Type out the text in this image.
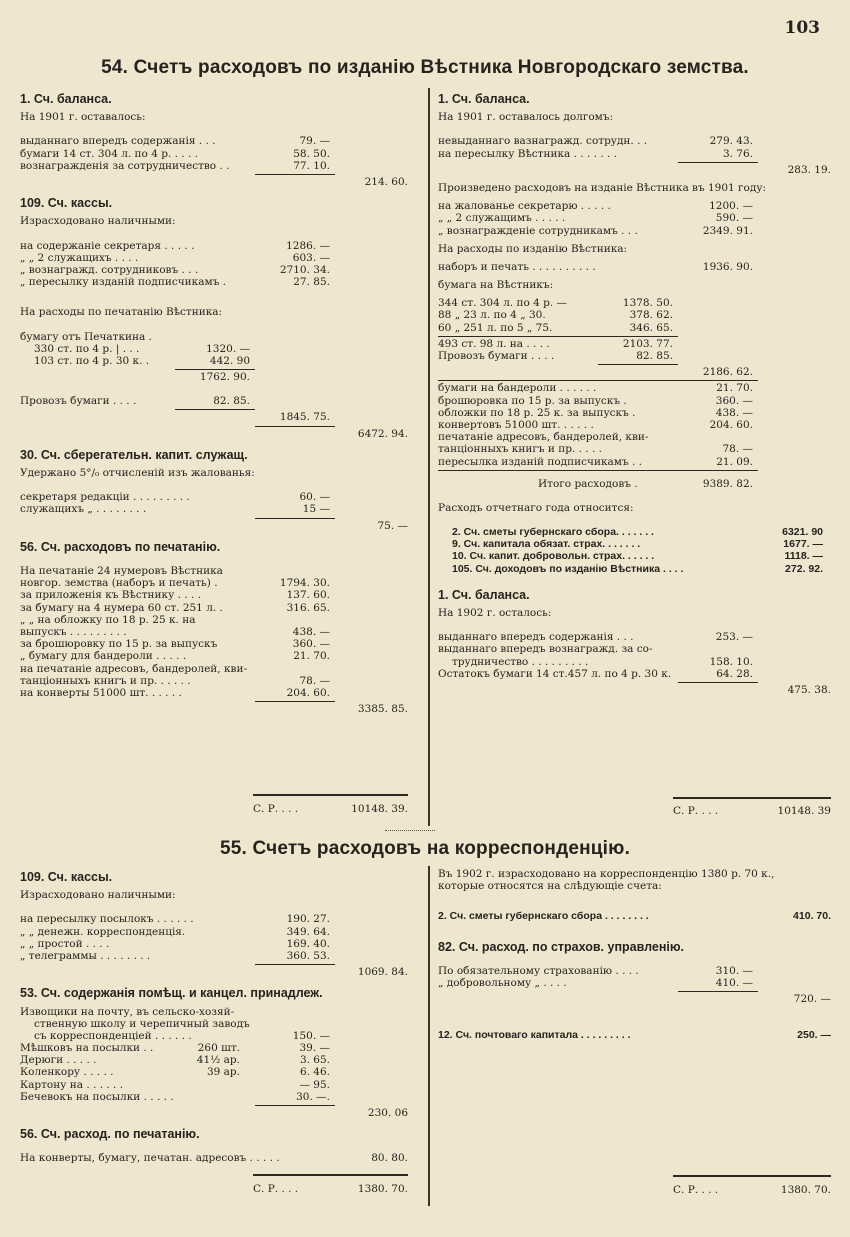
103
54. Счетъ расходовъ по изданію Вѣстника Новгородскаго земства.
1. Сч. баланса.
На 1901 г. оставалось:
выданнаго впередъ содержанія . . .	79. —
бумаги 14 ст. 304 л. по 4 р. . . . .	58. 50.
вознагражденія за сотрудничество . .	77. 10.
214. 60.
109. Сч. кассы.
Израсходовано наличными:
на содержаніе секретаря . . . . .	1286. —
„ „ 2 служащихъ . . . .	603. —
„ вознагражд. сотрудниковъ . . .	2710. 34.
„ пересылку изданій подписчикамъ .	27. 85.
На расходы по печатанію Вѣстника:
бумагу отъ Печаткина .
330 ст. по 4 р. | . . .	1320. —
103 ст. по 4 р. 30 к. .	442. 90
1762. 90.
Провозъ бумаги . . . .	82. 85.
1845. 75.
6472. 94.
30. Сч. сберегательн. капит. служащ.
Удержано 5°/₀ отчисленій изъ жалованья:
секретаря редакціи . . . . . . . . .	60. —
служащихъ „ . . . . . . . .	15 —
75. —
56. Сч. расходовъ по печатанію.
На печатаніе 24 нумеровъ Вѣстника
новгор. земства (наборъ и печать) .	1794. 30.
за приложенія къ Вѣстнику . . . .	137. 60.
за бумагу на 4 нумера 60 ст. 251 л. .	316. 65.
„ „ на обложку по 18 р. 25 к. на
выпускъ . . . . . . . . .	438. —
за брошюровку по 15 р. за выпускъ	360. —
„ бумагу для бандероли . . . . .	21. 70.
на печатаніе адресовъ, бандеролей, кви-
танціонныхъ книгъ и пр. . . . . .	78. —
на конверты 51000 шт. . . . . .	204. 60.
3385. 85.
С. Р. . . .	10148. 39.
1. Сч. баланса.
На 1901 г. оставалось долгомъ:
невыданнаго вазнагражд. сотрудн. . .	279. 43.
на пересылку Вѣстника . . . . . . .	3. 76.
283. 19.
Произведено расходовъ на изданіе Вѣстника въ 1901 году:
на жалованье секретарю . . . . .	1200. —
„ „ 2 служащимъ . . . . .	590. —
„ вознагражденіе сотрудникамъ . . .	2349. 91.
На расходы по изданію Вѣстника:
наборъ и печать . . . . . . . . . .	1936. 90.
бумага на Вѣстникъ:
344 ст. 304 л. по 4 р. —	1378. 50.
88 „ 23 л. по 4 „ 30.	378. 62.
60 „ 251 л. по 5 „ 75.	346. 65.
493 ст. 98 л. на . . . .	2103. 77.
Провозъ бумаги . . . .	82. 85.
2186. 62.
бумаги на бандероли . . . . . .	21. 70.
брошюровка по 15 р. за выпускъ .	360. —
обложки по 18 р. 25 к. за выпускъ .	438. —
конвертовъ 51000 шт. . . . . .	204. 60.
печатаніе адресовъ, бандеролей, кви-
танціонныхъ книгъ и пр. . . . .	78. —
пересылка изданій подписчикамъ . .	21. 09.
Итого расходовъ .	9389. 82.
Расходъ отчетнаго года относится:
2. Сч. сметы губернскаго сбора. . . . . . .	6321. 90
9. Сч. капитала обязат. страх. . . . . . .	1677. —
10. Сч. капит. добровольн. страх. . . . . .	1118. —
105. Сч. доходовъ по изданію Вѣстника . . . .	272. 92.
1. Сч. баланса.
На 1902 г. осталось:
выданнаго впередъ содержанія . . .	253. —
выданнаго впередъ вознагражд. за со-
трудничество . . . . . . . . .	158. 10.
Остатокъ бумаги 14 ст.457 л. по 4 р. 30 к.	64. 28.
475. 38.
С. Р. . . .	10148. 39
55. Счетъ расходовъ на корреспонденцію.
109. Сч. кассы.
Израсходовано наличными:
на пересылку посылокъ . . . . . .	190. 27.
„ „ денежн. корреспонденція.	349. 64.
„ „ простой . . . .	169. 40.
„ телеграммы . . . . . . . .	360. 53.
1069. 84.
53. Сч. содержанія помѣщ. и канцел. принадлеж.
Извощики на почту, въ сельско-хозяй-
ственную школу и черепичный заводъ
съ корреспонденціей . . . . . .	150. —
Мѣшковъ на посылки . .	260 шт.	39. —
Дерюги . . . . .	41½ ар.	3. 65.
Коленкору . . . . .	39 ар.	6. 46.
Картону на . . . . . .	— 95.
Бечевокъ на посылки . . . . .	30. —.
230. 06
56. Сч. расход. по печатанію.
На конверты, бумагу, печатан. адресовъ . . . . .	80. 80.
С. Р. . . .	1380. 70.
Въ 1902 г. израсходовано на корреспонденцію 1380 р. 70 к., которые относятся на слѣдующіе счета:
2. Сч. сметы губернскаго сбора . . . . . . . .	410. 70.
82. Сч. расход. по страхов. управленію.
По обязательному страхованію . . . .	310. —
„ добровольному „ . . . .	410. —
720. —
12. Сч. почтоваго капитала . . . . . . . . .	250. —
С. Р. . . .	1380. 70.
